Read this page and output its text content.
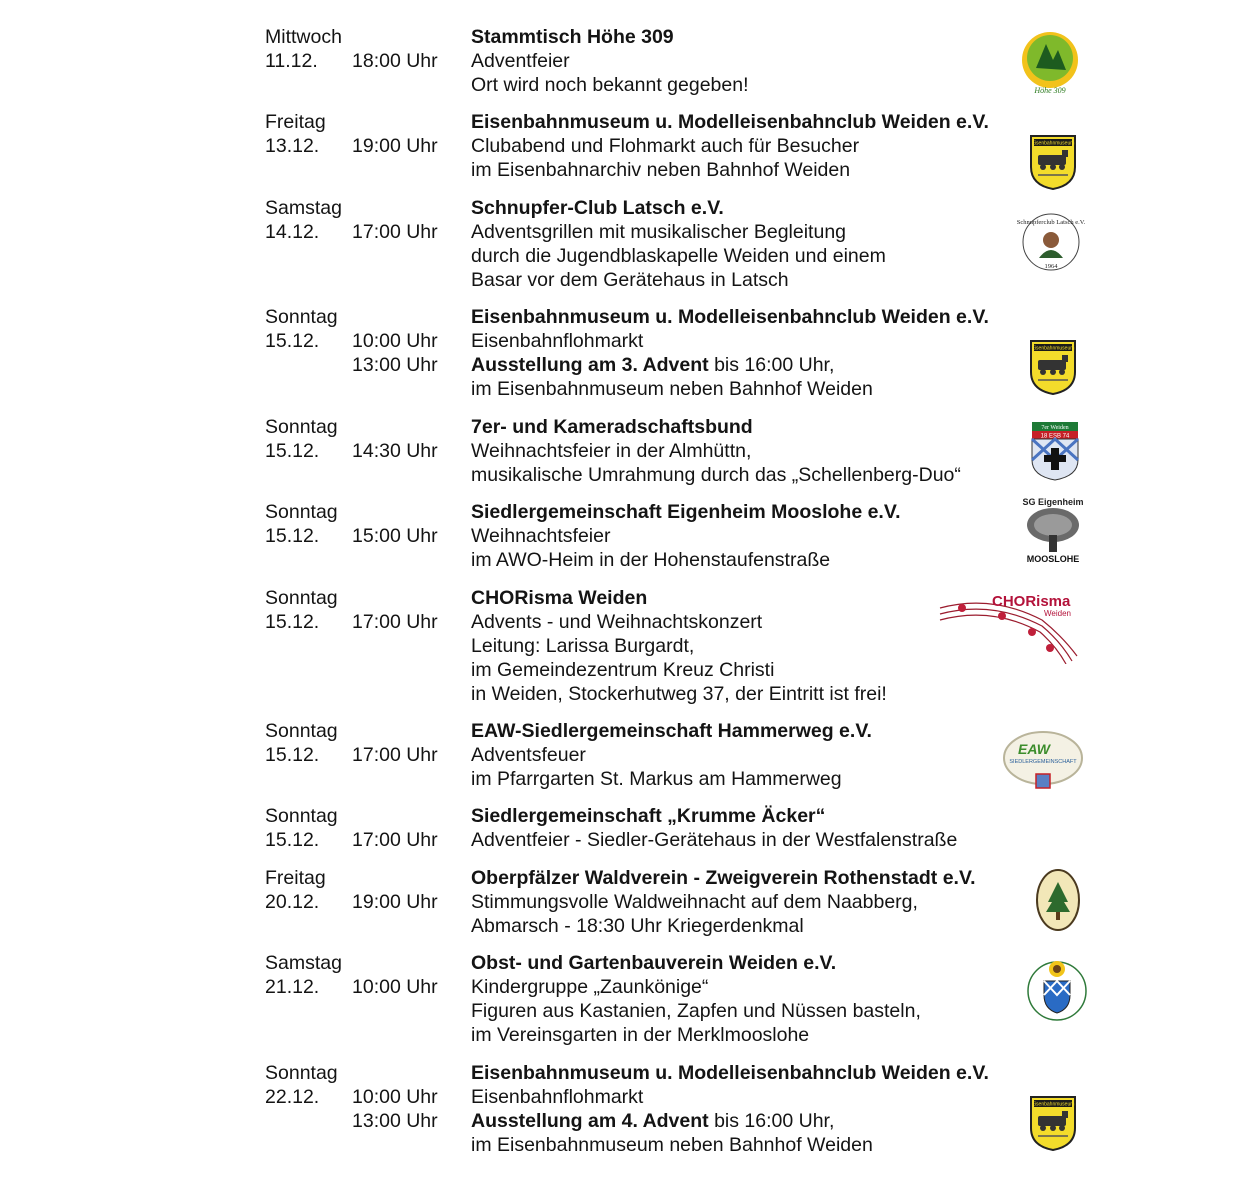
Mittwoch
11.12. 18:00 Uhr
Stammtisch Höhe 309
Adventfeier
Ort wird noch bekannt gegeben!	Höhe 309
Freitag
13.12. 19:00 Uhr
Eisenbahnmuseum u. Modelleisenbahnclub Weiden e.V.
Clubabend und Flohmarkt auch für Besucher
im Eisenbahnarchiv neben Bahnhof Weiden
Eisenbahnmuseum
Samstag
14.12. 17:00 Uhr
Schnupfer-Club Latsch e.V.
Adventsgrillen mit musikalischer Begleitung
durch die Jugendblaskapelle Weiden und einem
Basar vor dem Gerätehaus in Latsch
Schnupferclub Latsch e.V.
1964
Sonntag
15.12. 10:00 Uhr
13:00 Uhr
Eisenbahnmuseum u. Modelleisenbahnclub Weiden e.V.
Eisenbahnflohmarkt
Ausstellung am 3. Advent bis 16:00 Uhr,
im Eisenbahnmuseum neben Bahnhof Weiden
Eisenbahnmuseum
Sonntag
15.12. 14:30 Uhr
7er- und Kameradschaftsbund
Weihnachtsfeier in der Almhüttn,
musikalische Umrahmung durch das „Schellenberg-Duo“
7er Weiden
18 ESB 74
Sonntag
15.12. 15:00 Uhr
Siedlergemeinschaft Eigenheim Mooslohe e.V.
Weihnachtsfeier
im AWO-Heim in der Hohenstaufenstraße
SG Eigenheim
MOOSLOHE
Sonntag
15.12. 17:00 Uhr
CHORisma Weiden
Advents - und Weihnachtskonzert
Leitung: Larissa Burgardt,
im Gemeindezentrum Kreuz Christi
in Weiden, Stockerhutweg 37, der Eintritt ist frei!
CHORisma
Weiden
Sonntag
15.12. 17:00 Uhr
EAW-Siedlergemeinschaft Hammerweg e.V.
Adventsfeuer
im Pfarrgarten St. Markus am Hammerweg
EAW
SIEDLERGEMEINSCHAFT
Sonntag
15.12. 17:00 Uhr
Siedlergemeinschaft „Krumme Äcker“
Adventfeier - Siedler-Gerätehaus in der Westfalenstraße
Freitag
20.12. 19:00 Uhr
Oberpfälzer Waldverein - Zweigverein Rothenstadt e.V.
Stimmungsvolle Waldweihnacht auf dem Naabberg,
Abmarsch - 18:30 Uhr Kriegerdenkmal
Samstag
21.12. 10:00 Uhr
Obst- und Gartenbauverein Weiden e.V.
Kindergruppe „Zaunkönige“
Figuren aus Kastanien, Zapfen und Nüssen basteln,
im Vereinsgarten in der Merklmooslohe
Sonntag
22.12. 10:00 Uhr
13:00 Uhr
Eisenbahnmuseum u. Modelleisenbahnclub Weiden e.V.
Eisenbahnflohmarkt
Ausstellung am 4. Advent bis 16:00 Uhr,
im Eisenbahnmuseum neben Bahnhof Weiden
Eisenbahnmuseum
